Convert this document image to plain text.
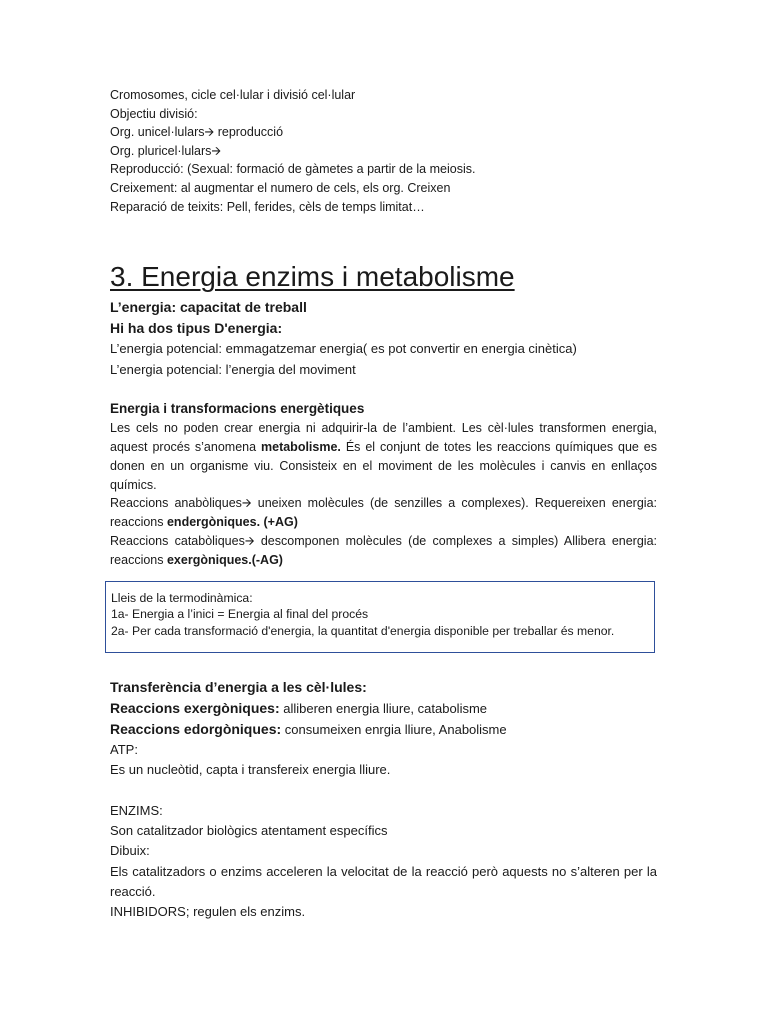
Cromosomes, cicle cel·lular i divisió cel·lular

Objectiu divisió:

Org. unicel·lulars🡪 reproducció

Org. pluricel·lulars🡪

Reproducció: (Sexual: formació de gàmetes a partir de la meiosis.

Creixement: al augmentar el numero de cels, els org. Creixen

Reparació de teixits: Pell, ferides, cèls de temps limitat…

3. Energia enzims i metabolisme

L’energia: capacitat de treball

Hi ha dos tipus D'energia:

L’energia potencial: emmagatzemar energia( es pot convertir en energia cinètica)

L’energia potencial: l’energia del moviment

Energia i transformacions energètiques

Les cels no poden crear energia ni adquirir-la de l’ambient. Les cèl·lules transformen energia, aquest procés s’anomena metabolisme. És el conjunt de totes les reaccions químiques que es donen en un organisme viu. Consisteix en el moviment de les molècules i canvis en enllaços químics.

Reaccions anabòliques🡪 uneixen molècules (de senzilles a complexes). Requereixen energia: reaccions endergòniques. (+AG)

Reaccions catabòliques🡪 descomponen molècules (de complexes a simples) Allibera energia: reaccions exergòniques.(-AG)

Lleis de la termodinàmica:

1a- Energia a l’inici = Energia al final del procés

2a- Per cada transformació d'energia, la quantitat d'energia disponible per treballar és menor.

Transferència d’energia a les cèl·lules:

Reaccions exergòniques: alliberen energia lliure, catabolisme

Reaccions edorgòniques: consumeixen enrgia lliure, Anabolisme

ATP:

Es un nucleòtid, capta i transfereix energia lliure.

ENZIMS:

Son catalitzador biològics atentament específics

Dibuix:

Els catalitzadors o enzims acceleren la velocitat de la reacció però aquests no s’alteren per la reacció.

INHIBIDORS; regulen els enzims.
